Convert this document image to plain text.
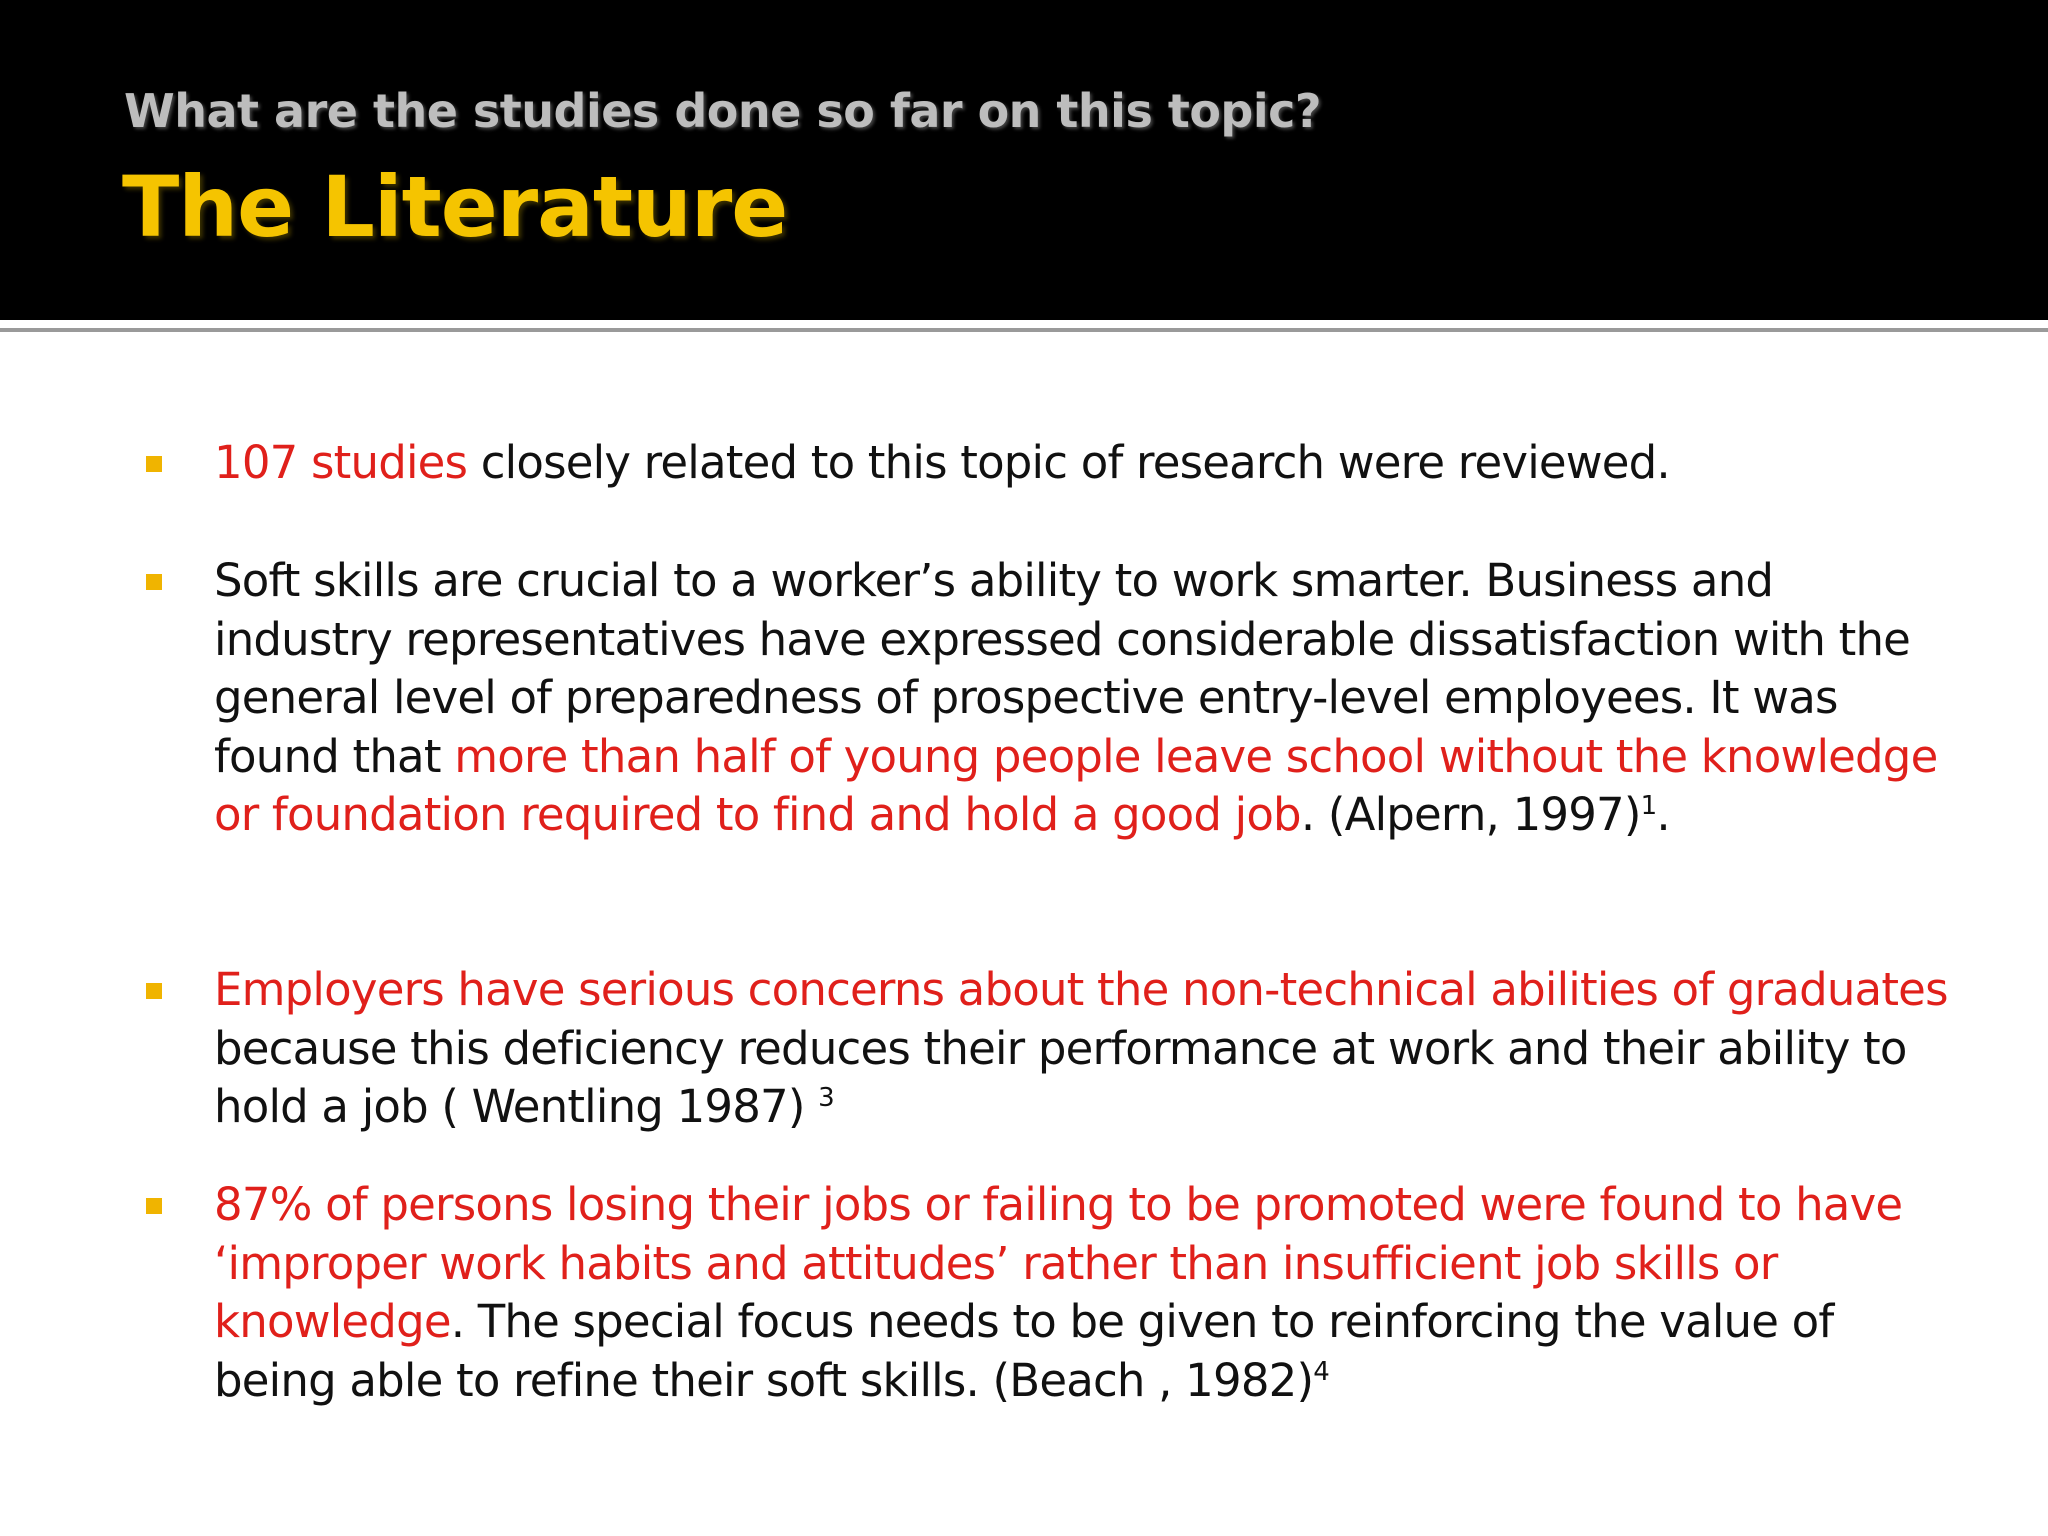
What are the studies done so far on this topic?
The Literature
107 studies closely related to this topic of research were reviewed.
Soft skills are crucial to a worker’s ability to work smarter. Business and industry representatives have expressed considerable dissatisfaction with the general level of preparedness of prospective entry-level employees. It was found that more than half of young people leave school without the knowledge or foundation required to find and hold a good job. (Alpern, 1997)$^1$.
Employers have serious concerns about the non-technical abilities of graduates because this deficiency reduces their performance at work and their ability to hold a job ( Wentling 1987) $^3$
87% of persons losing their jobs or failing to be promoted were found to have ‘improper work habits and attitudes’ rather than insufficient job skills or knowledge. The special focus needs to be given to reinforcing the value of being able to refine their soft skills. (Beach , 1982)$^4$
